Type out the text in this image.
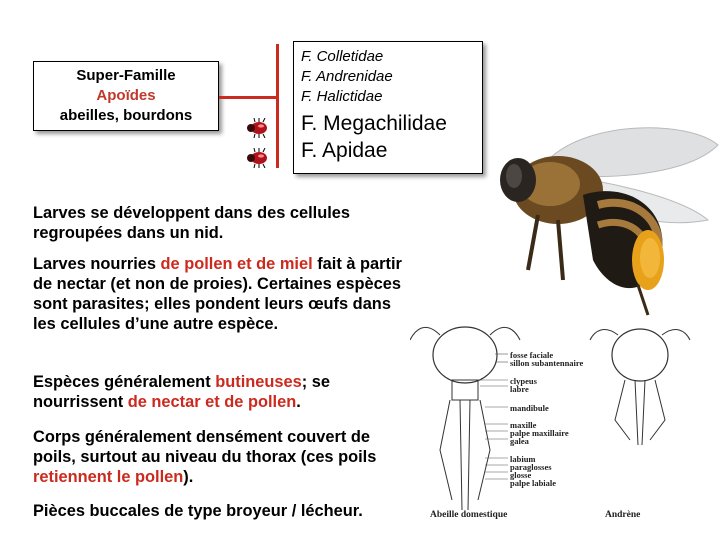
Super-Famille
Apoïdes
abeilles, bourdons
F. Colletidae
F. Andrenidae
F. Halictidae
F. Megachilidae
F. Apidae
fosse faciale
sillon subantennaire
clypeus
labre
mandibule
maxille
palpe maxillaire
galea
labium
paraglosses
glosse
palpe labiale
Abeille domestique	Andrène
Larves se développent dans des cellules regroupées dans un nid.
Larves nourries de pollen et de miel fait à partir de nectar (et non de proies). Certaines espèces sont parasites; elles pondent leurs œufs dans les cellules d’une autre espèce.
Espèces généralement butineuses; se nourrissent de nectar et de pollen.
Corps généralement densément couvert de poils, surtout au niveau du thorax (ces poils retiennent le pollen).
Pièces buccales de type broyeur / lécheur.
